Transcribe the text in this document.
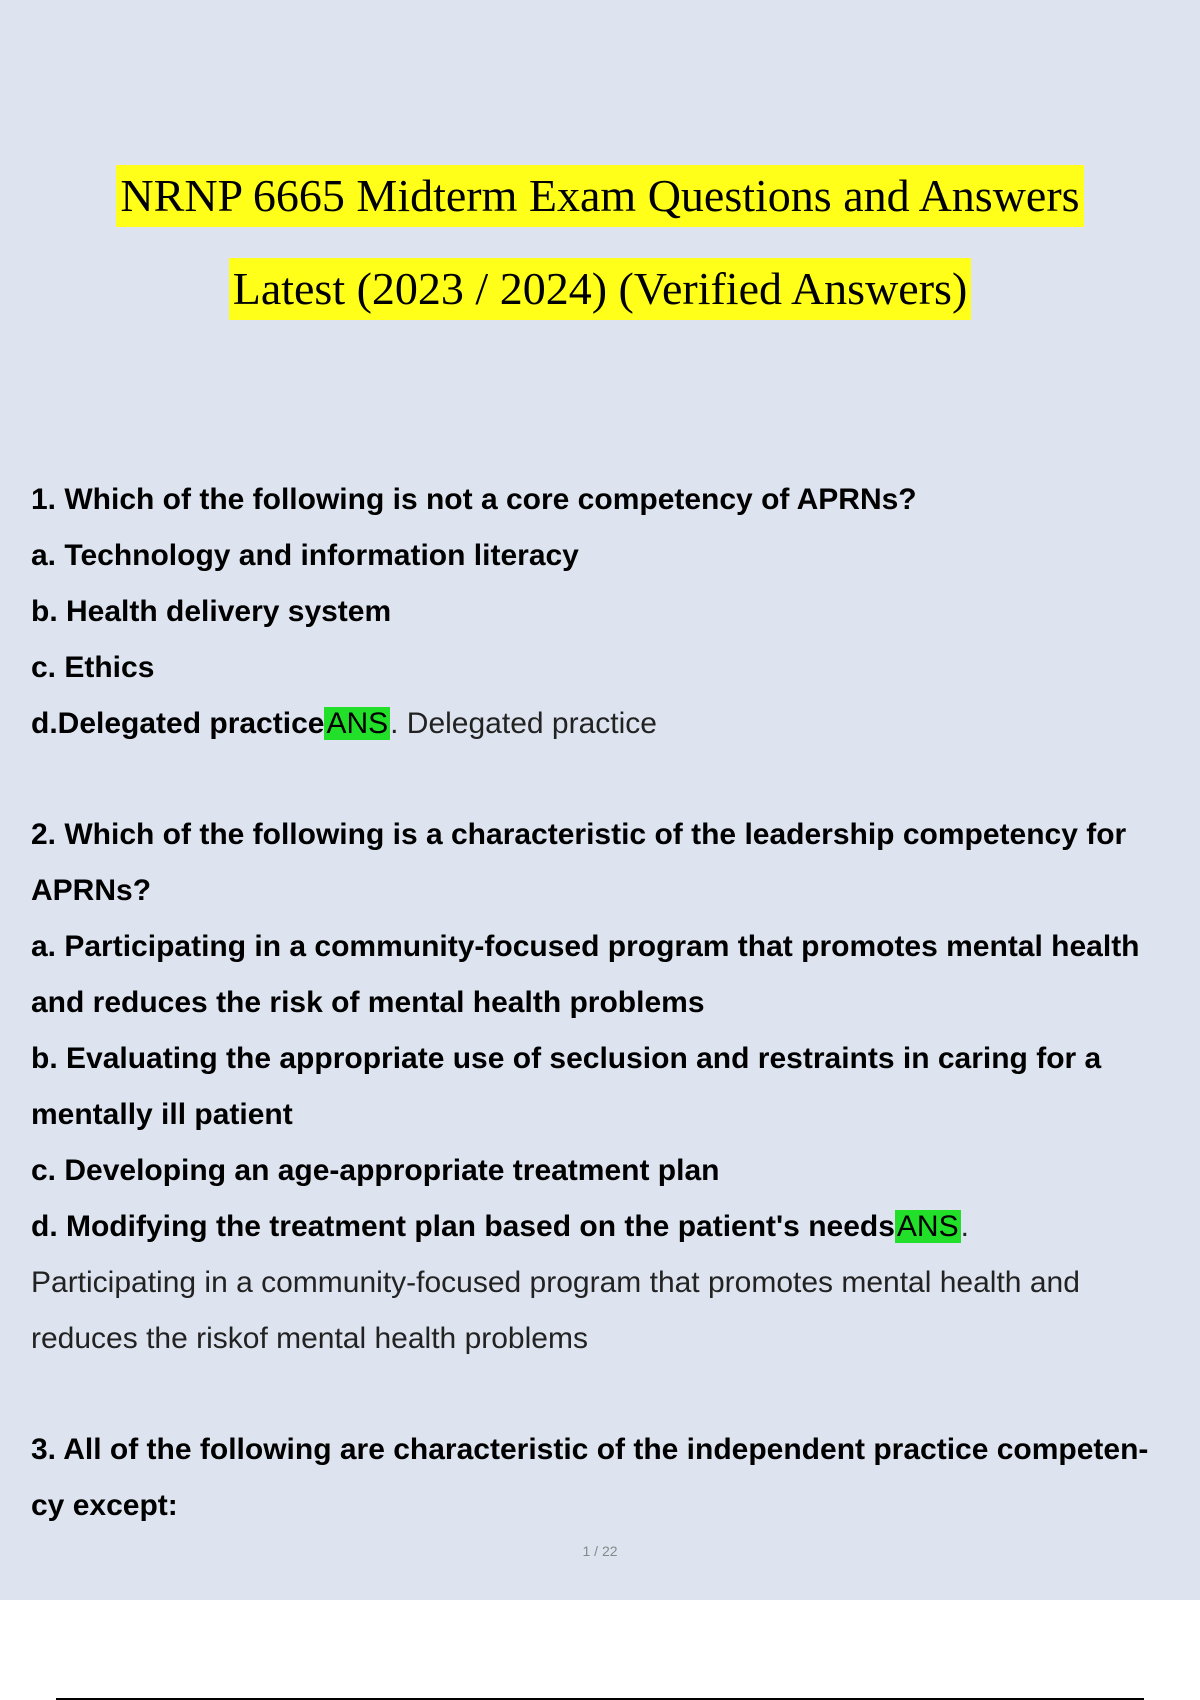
NRNP 6665 Midterm Exam Questions and Answers
Latest (2023 / 2024) (Verified Answers)
1. Which of the following is not a core competency of APRNs?
a. Technology and information literacy
b. Health delivery system
c. Ethics
d.Delegated practiceANS. Delegated practice
2. Which of the following is a characteristic of the leadership competency for
APRNs?
a. Participating in a community-focused program that promotes mental health
and reduces the risk of mental health problems
b. Evaluating the appropriate use of seclusion and restraints in caring for a
mentally ill patient
c. Developing an age-appropriate treatment plan
d. Modifying the treatment plan based on the patient's needsANS.
Participating in a community-focused program that promotes mental health and
reduces the riskof mental health problems
3. All of the following are characteristic of the independent practice competen-
cy except:
1 / 22
